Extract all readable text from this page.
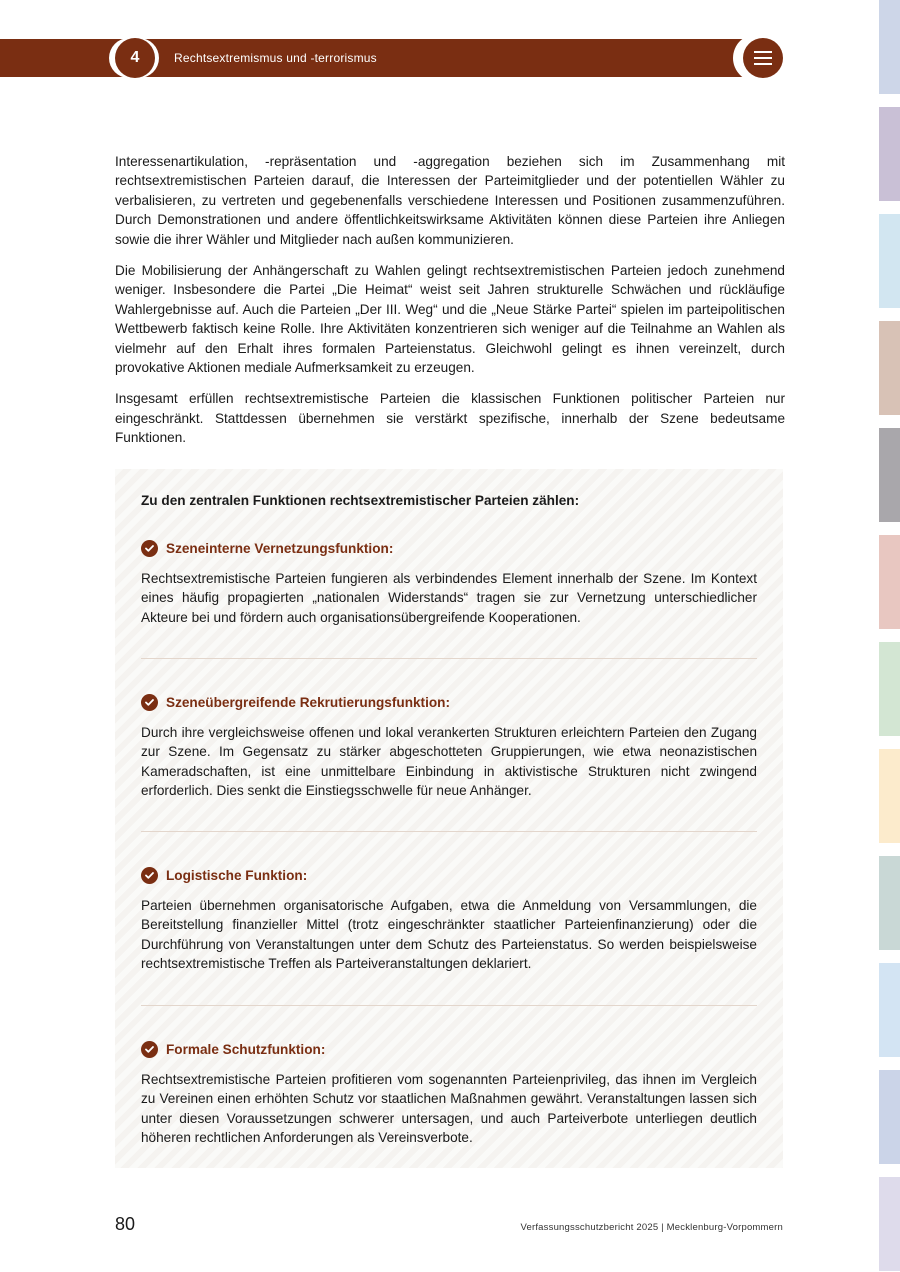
4	Rechtsextremismus und -terrorismus

Interessenartikulation, -repräsentation und -aggregation beziehen sich im Zusammenhang mit rechtsextremistischen Parteien darauf, die Interessen der Parteimitglieder und der potentiellen Wähler zu verbalisieren, zu vertreten und gegebenenfalls verschiedene Interessen und Positionen zusammenzuführen. Durch Demonstrationen und andere öffentlichkeitswirksame Aktivitäten können diese Parteien ihre Anliegen sowie die ihrer Wähler und Mitglieder nach außen kommunizieren.

Die Mobilisierung der Anhängerschaft zu Wahlen gelingt rechtsextremistischen Parteien jedoch zunehmend weniger. Insbesondere die Partei „Die Heimat“ weist seit Jahren strukturelle Schwächen und rückläufige Wahlergebnisse auf. Auch die Parteien „Der III. Weg“ und die „Neue Stärke Partei“ spielen im parteipolitischen Wettbewerb faktisch keine Rolle. Ihre Aktivitäten konzentrieren sich weniger auf die Teilnahme an Wahlen als vielmehr auf den Erhalt ihres formalen Parteienstatus. Gleichwohl gelingt es ihnen vereinzelt, durch provokative Aktionen mediale Aufmerksamkeit zu erzeugen.

Insgesamt erfüllen rechtsextremistische Parteien die klassischen Funktionen politischer Parteien nur eingeschränkt. Stattdessen übernehmen sie verstärkt spezifische, innerhalb der Szene bedeutsame Funktionen.

Zu den zentralen Funktionen rechtsextremistischer Parteien zählen:
Szeneinterne Vernetzungsfunktion:
Rechtsextremistische Parteien fungieren als verbindendes Element innerhalb der Szene. Im Kontext eines häufig propagierten „nationalen Widerstands“ tragen sie zur Vernetzung unterschiedlicher Akteure bei und fördern auch organisationsübergreifende Kooperationen.
Szeneübergreifende Rekrutierungsfunktion:
Durch ihre vergleichsweise offenen und lokal verankerten Strukturen erleichtern Parteien den Zugang zur Szene. Im Gegensatz zu stärker abgeschotteten Gruppierungen, wie etwa neonazistischen Kameradschaften, ist eine unmittelbare Einbindung in aktivistische Strukturen nicht zwingend erforderlich. Dies senkt die Einstiegsschwelle für neue Anhänger.
Logistische Funktion:
Parteien übernehmen organisatorische Aufgaben, etwa die Anmeldung von Versammlungen, die Bereitstellung finanzieller Mittel (trotz eingeschränkter staatlicher Parteienfinanzierung) oder die Durchführung von Veranstaltungen unter dem Schutz des Parteienstatus. So werden beispielsweise rechtsextremistische Treffen als Parteiveranstaltungen deklariert.
Formale Schutzfunktion:
Rechtsextremistische Parteien profitieren vom sogenannten Parteienprivileg, das ihnen im Vergleich zu Vereinen einen erhöhten Schutz vor staatlichen Maßnahmen gewährt. Veranstaltungen lassen sich unter diesen Voraussetzungen schwerer untersagen, und auch Parteiverbote unterliegen deutlich höheren rechtlichen Anforderungen als Vereinsverbote.
80	Verfassungsschutzbericht 2025 | Mecklenburg-Vorpommern
